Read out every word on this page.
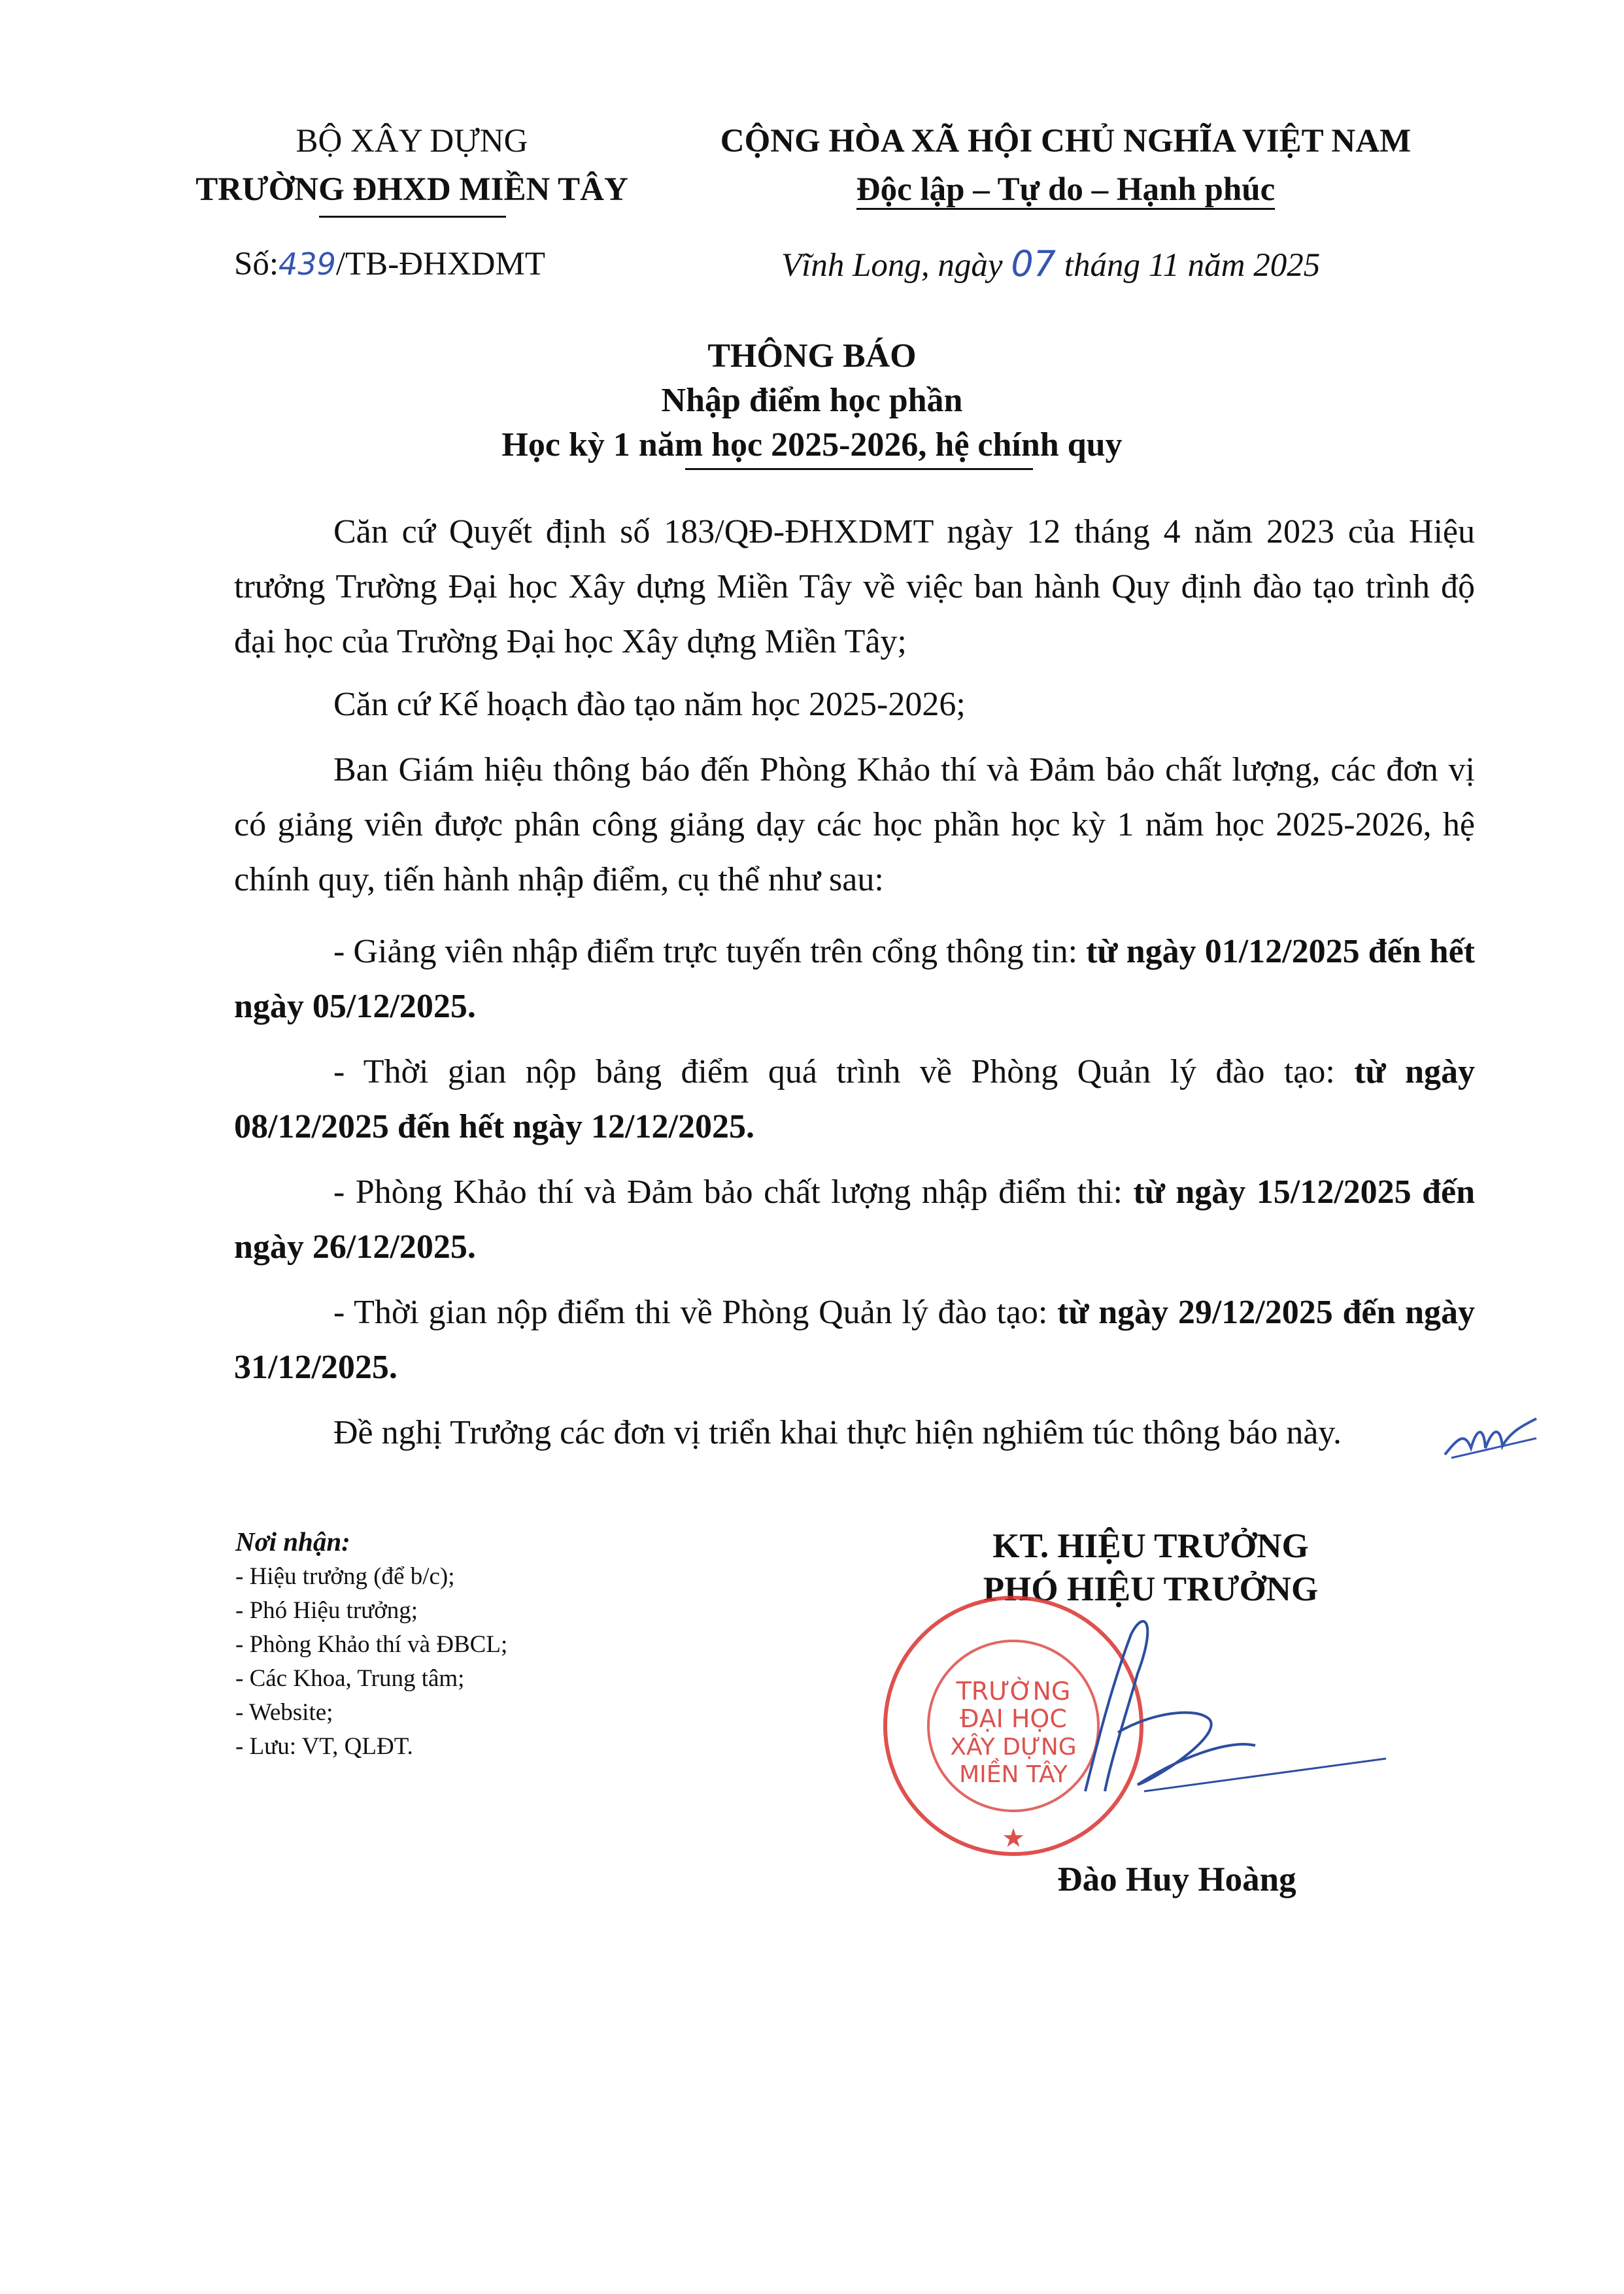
BỘ XÂY DỰNG
TRƯỜNG ĐHXD MIỀN TÂY
CỘNG HÒA XÃ HỘI CHỦ NGHĨA VIỆT NAM
Độc lập – Tự do – Hạnh phúc
Số:439/TB-ĐHXDMT	Vĩnh Long, ngày 07 tháng 11 năm 2025
THÔNG BÁO
Nhập điểm học phần
Học kỳ 1 năm học 2025-2026, hệ chính quy
Căn cứ Quyết định số 183/QĐ-ĐHXDMT ngày 12 tháng 4 năm 2023 của Hiệu trưởng Trường Đại học Xây dựng Miền Tây về việc ban hành Quy định đào tạo trình độ đại học của Trường Đại học Xây dựng Miền Tây;
Căn cứ Kế hoạch đào tạo năm học 2025-2026;
Ban Giám hiệu thông báo đến Phòng Khảo thí và Đảm bảo chất lượng, các đơn vị có giảng viên được phân công giảng dạy các học phần học kỳ 1 năm học 2025-2026, hệ chính quy, tiến hành nhập điểm, cụ thể như sau:
- Giảng viên nhập điểm trực tuyến trên cổng thông tin: từ ngày 01/12/2025 đến hết ngày 05/12/2025.
- Thời gian nộp bảng điểm quá trình về Phòng Quản lý đào tạo: từ ngày 08/12/2025 đến hết ngày 12/12/2025.
- Phòng Khảo thí và Đảm bảo chất lượng nhập điểm thi: từ ngày 15/12/2025 đến ngày 26/12/2025.
- Thời gian nộp điểm thi về Phòng Quản lý đào tạo: từ ngày 29/12/2025 đến ngày 31/12/2025.
Đề nghị Trưởng các đơn vị triển khai thực hiện nghiêm túc thông báo này.
Nơi nhận:
- Hiệu trưởng (để b/c);
- Phó Hiệu trưởng;
- Phòng Khảo thí và ĐBCL;
- Các Khoa, Trung tâm;
- Website;
- Lưu: VT, QLĐT.
KT. HIỆU TRƯỞNG
PHÓ HIỆU TRƯỞNG
TRƯỜNG
ĐẠI HỌC
XÂY DỰNG
MIỀN TÂY
★
Đào Huy Hoàng
